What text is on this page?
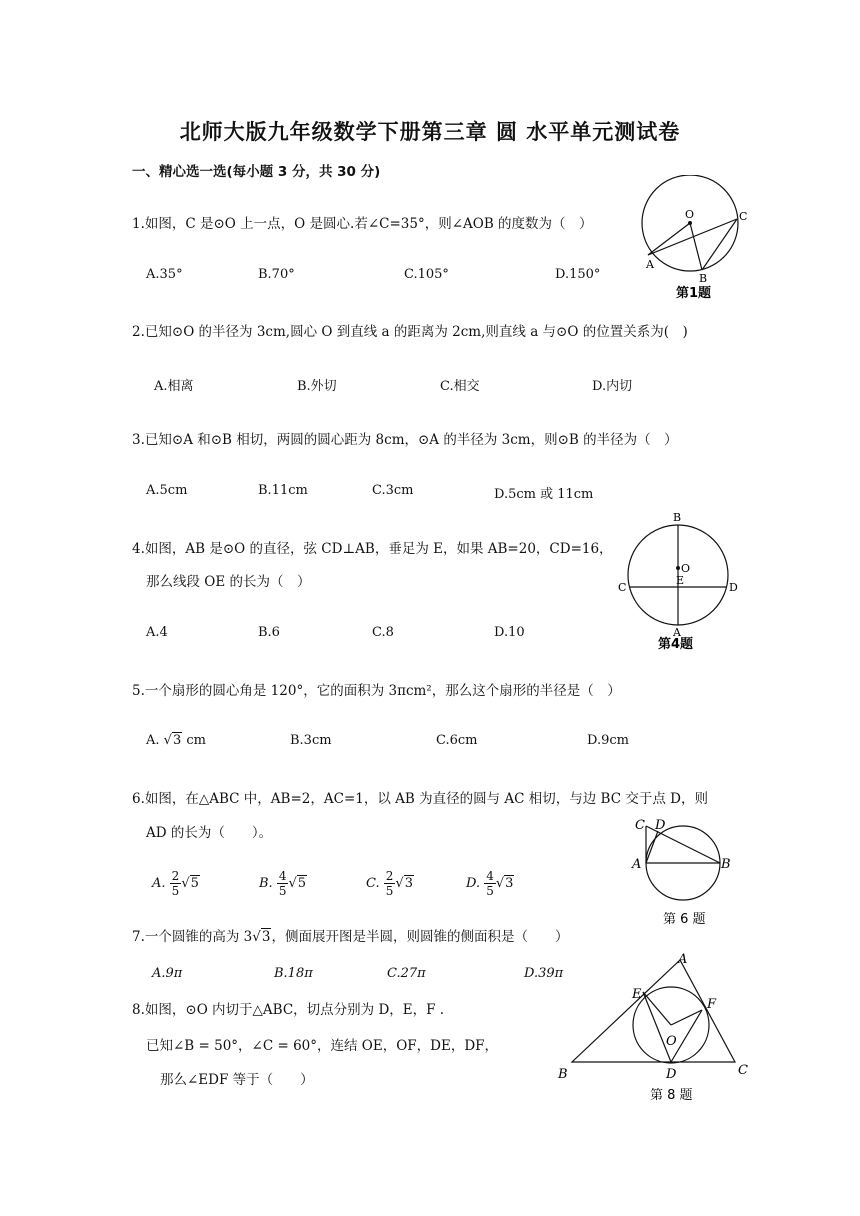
北师大版九年级数学下册第三章 圆 水平单元测试卷
一、精心选一选(每小题 3 分，共 30 分)
1.如图，C 是⊙O 上一点，O 是圆心.若∠C=35°，则∠AOB 的度数为（　）
A.35°	B.70°	C.105°	D.150°
O	C
A
B
第1题
2.已知⊙O 的半径为 3cm,圆心 O 到直线 a 的距离为 2cm,则直线 a 与⊙O 的位置关系为(　)
A.相离	B.外切	C.相交	D.内切
3.已知⊙A 和⊙B 相切，两圆的圆心距为 8cm，⊙A 的半径为 3cm，则⊙B 的半径为（　）
A.5cm	B.11cm	C.3cm	D.5cm 或 11cm
4.如图，AB 是⊙O 的直径，弦 CD⊥AB，垂足为 E，如果 AB=20，CD=16，
那么线段 OE 的长为（　）
A.4	B.6	C.8	D.10
B
O
C
E
D
A
第4题
5.一个扇形的圆心角是 120°，它的面积为 3πcm²，那么这个扇形的半径是（　）
A. √3 cm	B.3cm	C.6cm	D.9cm
6.如图，在△ABC 中，AB=2，AC=1，以 AB 为直径的圆与 AC 相切，与边 BC 交于点 D，则
AD 的长为（　　）。
A. $\frac{2}{5} √5$	B. $\frac{4}{5} √5$	C. $\frac{2}{5} √3$	D. $\frac{4}{5} √3$
C D
A	B
第 6 题
7.一个圆锥的高为 3√3，侧面展开图是半圆，则圆锥的侧面积是（　　）
A.9π	B.18π	C.27π	D.39π
8.如图，⊙O 内切于△ABC，切点分别为 D，E，F .
已知∠B = 50°，∠C = 60°，连结 OE，OF，DE，DF，
那么∠EDF 等于（　　）
A
E
F
O
B	D	C
第 8 题
